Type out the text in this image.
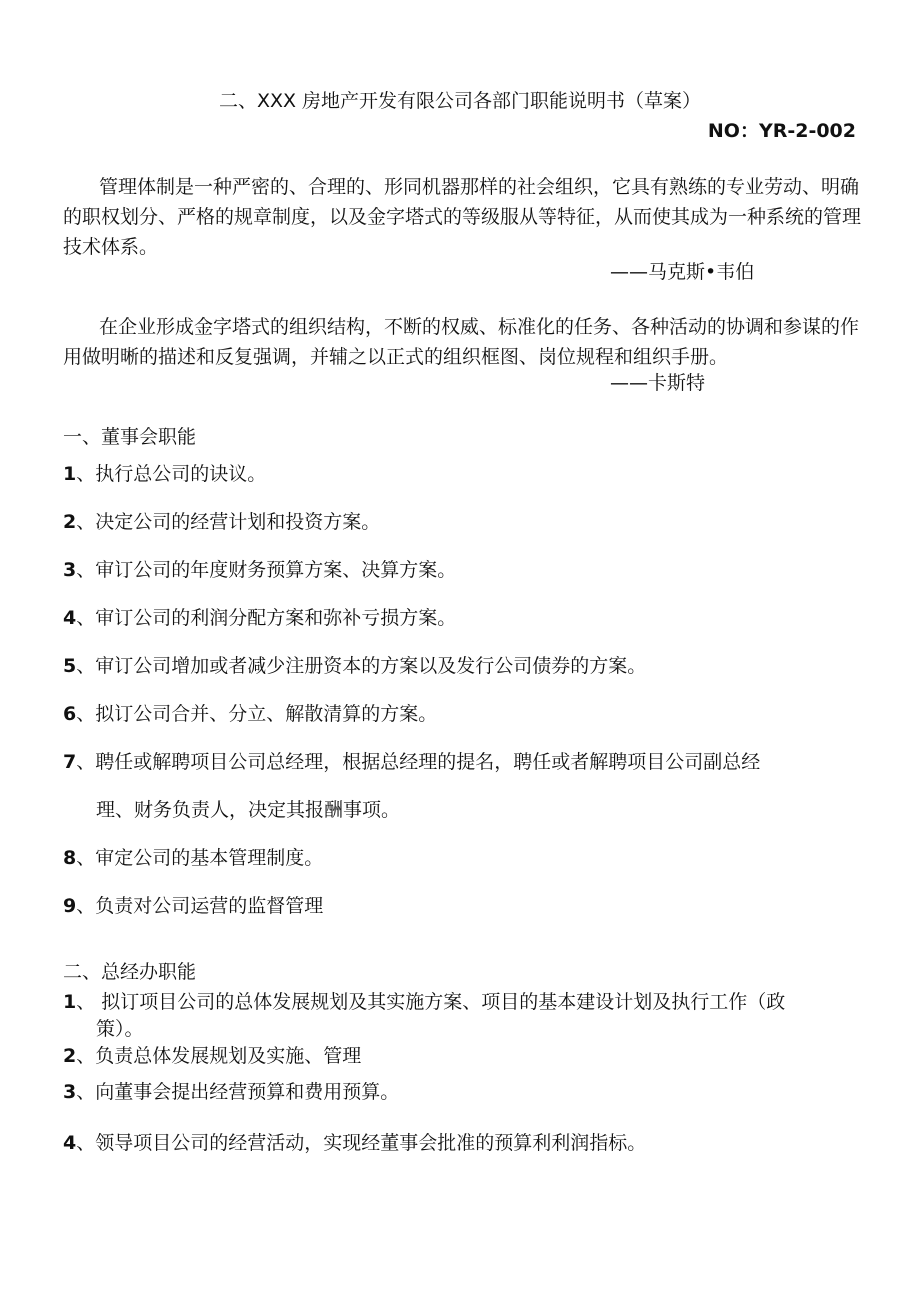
二、XXX 房地产开发有限公司各部门职能说明书（草案）
NO：YR-2-002
管理体制是一种严密的、合理的、形同机器那样的社会组织，它具有熟练的专业劳动、明确的职权划分、严格的规章制度，以及金字塔式的等级服从等特征，从而使其成为一种系统的管理技术体系。
——马克斯•韦伯
在企业形成金字塔式的组织结构，不断的权威、标准化的任务、各种活动的协调和参谋的作用做明晰的描述和反复强调，并辅之以正式的组织框图、岗位规程和组织手册。
——卡斯特
一、董事会职能
1、执行总公司的诀议。
2、决定公司的经营计划和投资方案。
3、审订公司的年度财务预算方案、决算方案。
4、审订公司的利润分配方案和弥补亏损方案。
5、审订公司增加或者减少注册资本的方案以及发行公司债券的方案。
6、拟订公司合并、分立、解散清算的方案。
7、聘任或解聘项目公司总经理，根据总经理的提名，聘任或者解聘项目公司副总经
理、财务负责人，决定其报酬事项。
8、审定公司的基本管理制度。
9、负责对公司运营的监督管理
二、总经办职能
1、 拟订项目公司的总体发展规划及其实施方案、项目的基本建设计划及执行工作（政
策）。
2、负责总体发展规划及实施、管理
3、向董事会提出经营预算和费用预算。
4、领导项目公司的经营活动，实现经董事会批准的预算利利润指标。
